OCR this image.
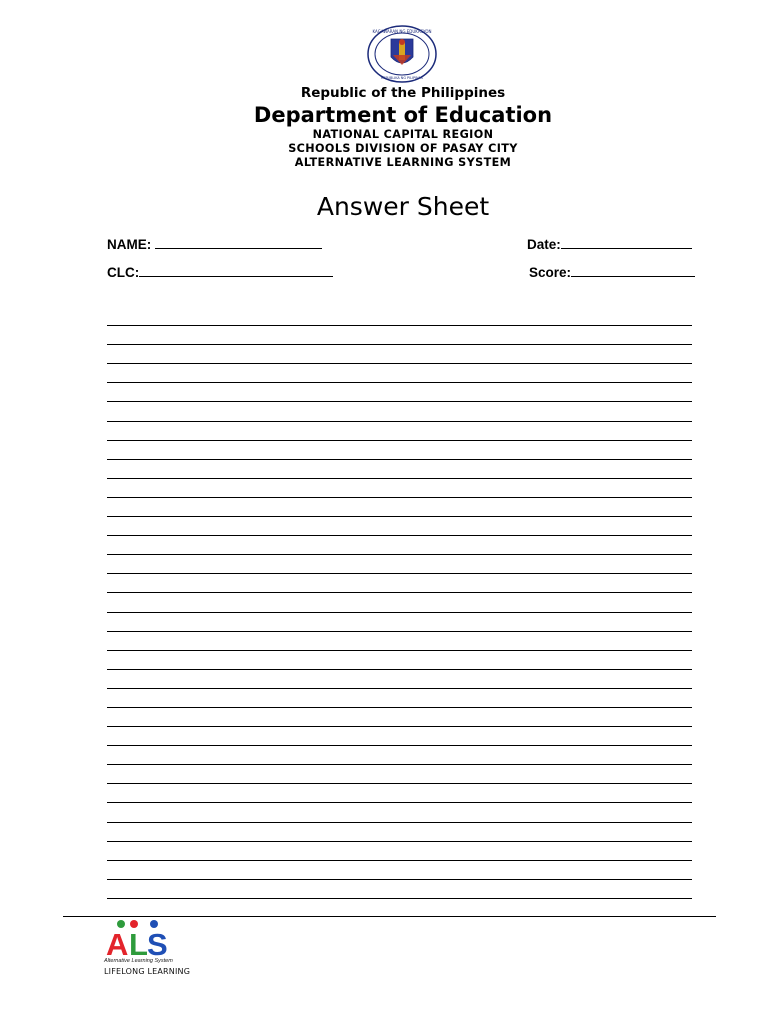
KAGAWARAN NG EDUKASYON
REPUBLIKA NG PILIPINAS
Republic of the Philippines
Department of Education
NATIONAL CAPITAL REGION
SCHOOLS DIVISION OF PASAY CITY
ALTERNATIVE LEARNING SYSTEM
Answer Sheet
NAME:	Date:
CLC:	Score:
A L S
Alternative Learning System
LIFELONG LEARNING
